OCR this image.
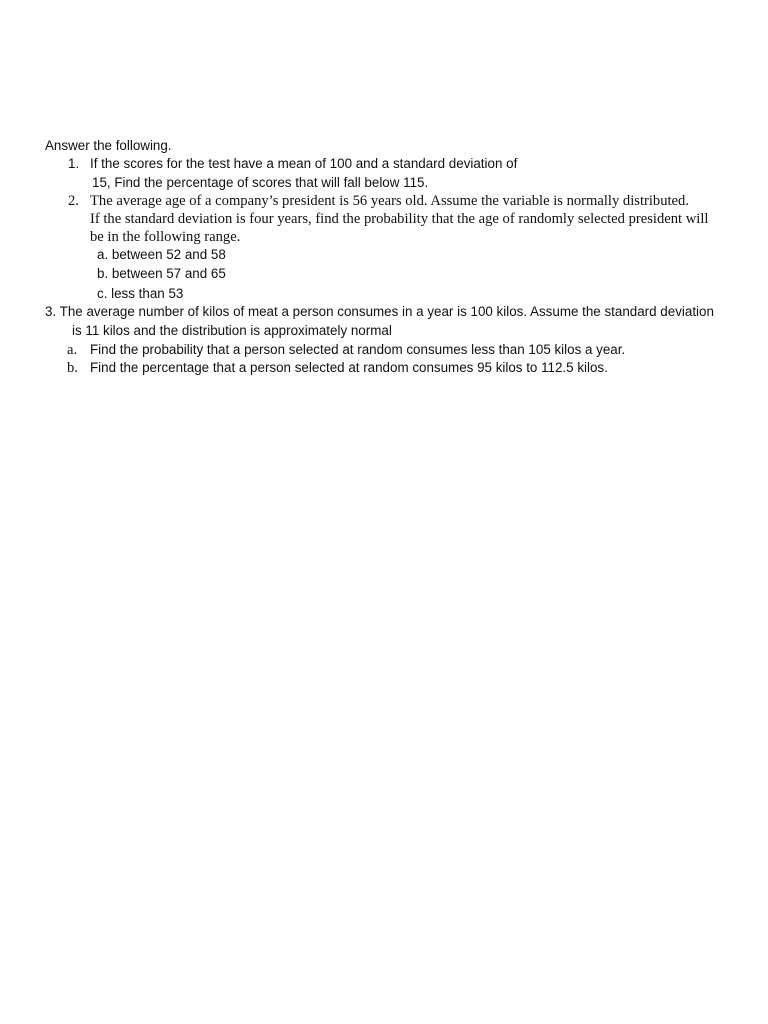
Answer the following.
1. If the scores for the test have a mean of 100 and a standard deviation of
15, Find the percentage of scores that will fall below 115.
2. The average age of a company’s president is 56 years old. Assume the variable is normally distributed.
If the standard deviation is four years, find the probability that the age of randomly selected president will
be in the following range.
a. between 52 and 58
b. between 57 and 65
c. less than 53
3. The average number of kilos of meat a person consumes in a year is 100 kilos. Assume the standard deviation
is 11 kilos and the distribution is approximately normal
a. Find the probability that a person selected at random consumes less than 105 kilos a year.
b. Find the percentage that a person selected at random consumes 95 kilos to 112.5 kilos.
